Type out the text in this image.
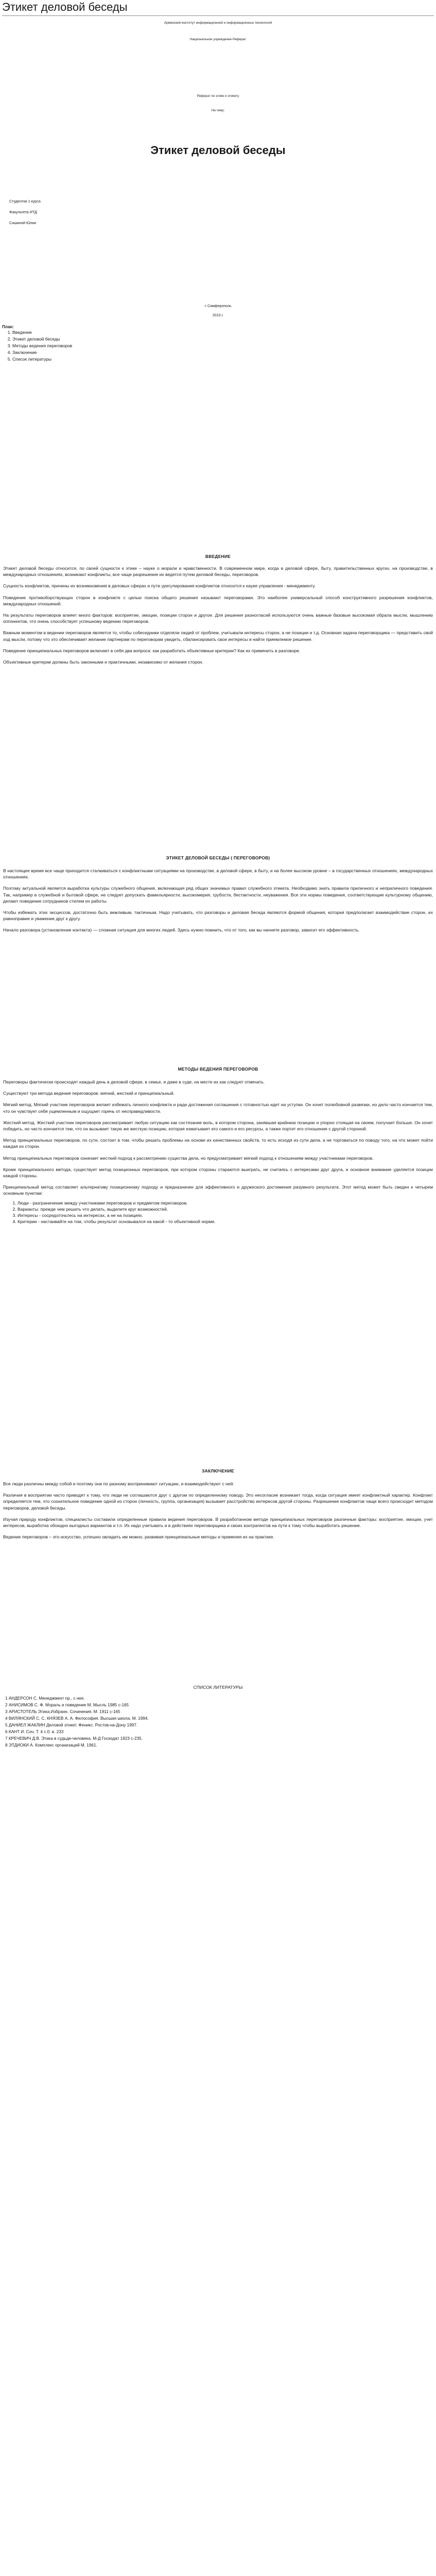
Этикет деловой беседы

Армянский институт информационной и информационных технологий

Национальное учреждение Реферат

Реферат по этике и этикету

На тему:

Этикет деловой беседы

Студентки 1 курса

Факультета ИТД

Сишиной Юлии

г. Симферополь

2010 г.

План:

1. Введение
2. Этикет деловой беседы
3. Методы ведения переговоров
4. Заключение
5. Список литературы

ВВЕДЕНИЕ

Этикет деловой беседы относится, по своей сущности к этике – науке о морали и нравственности. В современном мире, когда в деловой сфере, быту, правительственных кругах, на производстве, в международных отношениях, возникают конфликты, все чаще разрешение их ведется путем деловой беседы, переговоров.

Сущность конфликтов, причины их возникновения в деловых сферах и пути урегулирования конфликтов относится к науке управления - менеджменту.

Поведение противоборствующих сторон в конфликте с целью поиска общего решения называют переговорами. Это наиболее универсальный способ конструктивного разрешения конфликтов, международных отношений.

На результаты переговоров влияет много факторов: восприятие, эмоции, позиции сторон и другое. Для решения разногласий используются очень важные базовые высокомая обрала мысли, мышлению оппонентов, что очень способствует успешному ведению переговоров.

Важным моментом в ведении переговоров является то, чтобы собеседники отделяли людей от проблем, учитывали интересы сторон, а не позиции и т.д. Основная задача переговорщика — представить свой ход мысли, потому что это обеспечивает желание партнерам по переговорам увидеть, сбалансировать свои интересы и найти приемлемое решение.

Поведение принципиальных переговоров включает в себя два вопроса: как разработать объективные критерии? Как их применить в разговоре.

Объективные критерии должны быть законными и практичными, независимо от желания сторон.

ЭТИКЕТ ДЕЛОВОЙ БЕСЕДЫ ( ПЕРЕГОВОРОВ)

В настоящее время все чаще приходится сталкиваться с конфликтными ситуациями на производстве, в деловой сфере, в быту, и на более высоком уровне – в государственных отношениях, международных отношениях.

Поэтому актуальной является выработка культуры служебного общения, включающая ряд общих значимых правил служебного этикета. Необходимо знать правила приличного и неприличного поведения. Так, например в служебной и бытовой сфере, не следует допускать фамильярности, высокомерия, грубости, бестактности, неуважения. Все эти нормы поведения, соответствующие культурному общению, делают поведение сотрудников стилем их работы.

Чтобы избежать этих эксцессов, достаточно быть вежливым, тактичным. Надо учитывать, что разговоры и деловая беседа являются формой общения, которая предполагает взаимодействие сторон, их равноправие и уважение друг к другу.

Начало разговора (установление контакта) — сложная ситуация для многих людей. Здесь нужно помнить, что от того, как вы начнете разговор, зависит его эффективность.

МЕТОДЫ ВЕДЕНИЯ ПЕРЕГОВОРОВ

Переговоры фактически происходят каждый день в деловой сфере, в семье, и даже в суде, на месте их как следует отмечать.

Существуют три метода ведения переговоров: мягкий, жесткий и принципиальный.

Мягкий метод. Мягкий участник переговоров желает избежать личного конфликта и ради достижения соглашения с готовностью идет на уступки. Он хочет полюбовной развязки, но дело часто кончается тем, что он чувствует себя ущемленным и ощущает горечь от несправедливости.

Жесткий метод. Жесткий участник переговоров рассматривает любую ситуацию как состязание воль, в котором сторона, занявшая крайнюю позицию и упорно стоящая на своем, получает больше. Он хочет победить, но часто кончается тем, что он вызывает такую же жесткую позицию, которая изматывает его самого и его ресурсы, а также портит его отношения с другой стороной.

Метод принципиальных переговоров, по сути, состоит в том, чтобы решать проблемы на основе их качественных свойств, то есть исходя из сути дела, а не торговаться по поводу того, на что может пойти каждая из сторон.

Метод принципиальных переговоров означает жесткий подход к рассмотрению существа дела, но предусматривает мягкий подход к отношениям между участниками переговоров.

Кроме принципиального метода, существует метод позиционных переговоров, при котором стороны стараются выиграть, не считаясь с интересами друг друга, и основное внимание уделяется позиции каждой стороны.

Принципиальный метод составляет альтернативу позиционному подходу и предназначен для эффективного и дружеского достижения разумного результата. Этот метод может быть сведен к четырем основным пунктам:

1. Люди - разграничение между участниками переговоров и предметом переговоров.
2. Варианты: прежде чем решить что делать, выделите круг возможностей.
3. Интересы - сосредоточьтесь на интересах, а не на позициях.
4. Критерии - настаивайте на том, чтобы результат основывался на какой - то объективной норме.

ЗАКЛЮЧЕНИЕ

Все люди различны между собой и поэтому они по разному воспринимают ситуацию, и взаимодействуют с ней.

Различия в восприятии часто приводят к тому, что люди не соглашаются друг с другом по определенному поводу. Это несогласие возникает тогда, когда ситуация имеет конфликтный характер. Конфликт определяется тем, что сознательное поведение одной из сторон (личность, группа, организация) вызывает расстройство интересов другой стороны. Разрешение конфликтов чаще всего происходит методом переговоров, деловой беседы.

Изучая природу конфликтов, специалисты составили определенные правила ведения переговоров. В разработанном методе принципиальных переговоров различные факторы: восприятие, эмоции, учет интересов, выработка обоюдно выгодных вариантов и т.п. Их надо учитывать и в действиях переговорщика и своих контрагентов на пути к тому чтобы выработать решение.

Ведение переговоров – это искусство, успешно овладеть им можно, развивая принципиальные методы и применяя их на практике.

СПИСОК ЛИТЕРАТУРЫ

1 АНДЕРСОН С. Менеджмент пр., с нее.

2 АНИСИМОВ С. Ф. Мораль и поведение М. Мысль 1985 с-165

3 АРИСТОТЕЛЬ Этика.Избранн. Сочинения. М. 1911 с-165

4 ВИЛЯНСКИЙ С. С. КНЯЗЕВ А. А. Философия. Высшая школа. М. 1994.

5 ДАНИЕЛ ЖАКЛИН Деловой этикет. Феникс. Ростов-на-Дону 1997.

6 КАНТ И. Соч. Т. 4 с.0: в. 233

7 КРЕЧЕВИЧ Д.В. Этика в судьде-человека. М-Д Госиздат 1923 с-235.

8 ЭТДИОКИ А. Комплекс организаций М. 1961.
